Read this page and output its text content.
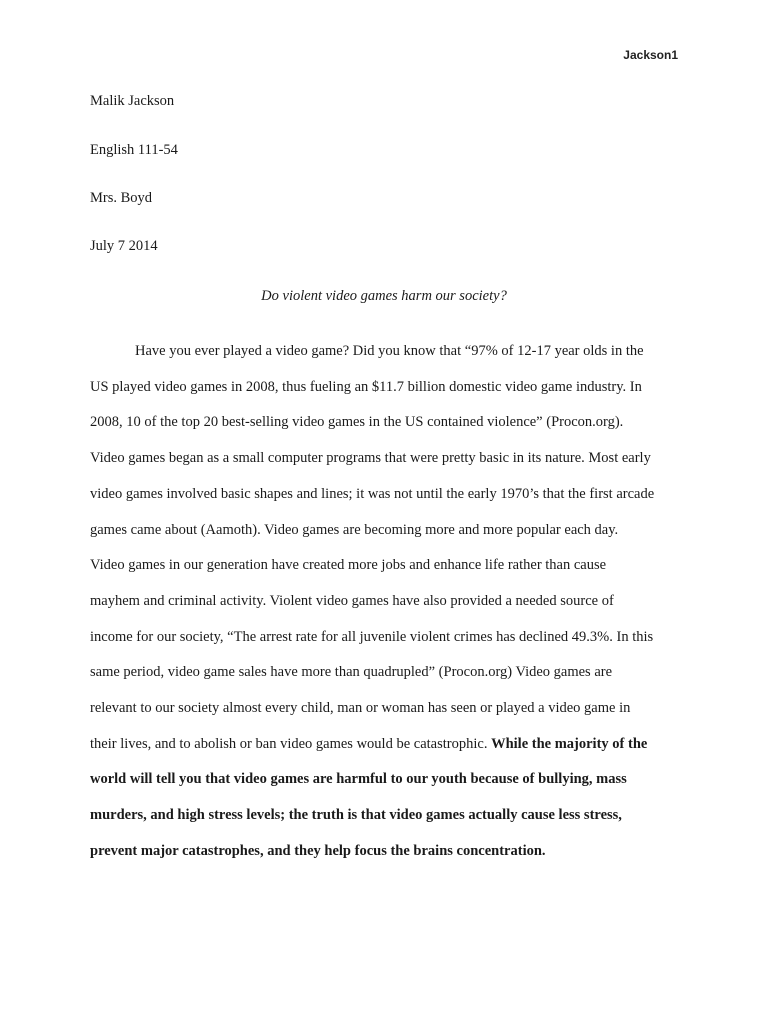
Jackson1
Malik Jackson
English 111-54
Mrs. Boyd
July 7 2014
Do violent video games harm our society?
Have you ever played a video game? Did you know that “97% of 12-17 year olds in the
US played video games in 2008, thus fueling an $11.7 billion domestic video game industry. In
2008, 10 of the top 20 best-selling video games in the US contained violence” (Procon.org).
Video games began as a small computer programs that were pretty basic in its nature. Most early
video games involved basic shapes and lines; it was not until the early 1970’s that the first arcade
games came about (Aamoth). Video games are becoming more and more popular each day.
Video games in our generation have created more jobs and enhance life rather than cause
mayhem and criminal activity. Violent video games have also provided a needed source of
income for our society, “The arrest rate for all juvenile violent crimes has declined 49.3%. In this
same period, video game sales have more than quadrupled” (Procon.org) Video games are
relevant to our society almost every child, man or woman has seen or played a video game in
their lives, and to abolish or ban video games would be catastrophic. While the majority of the
world will tell you that video games are harmful to our youth because of bullying, mass
murders, and high stress levels; the truth is that video games actually cause less stress,
prevent major catastrophes, and they help focus the brains concentration.
